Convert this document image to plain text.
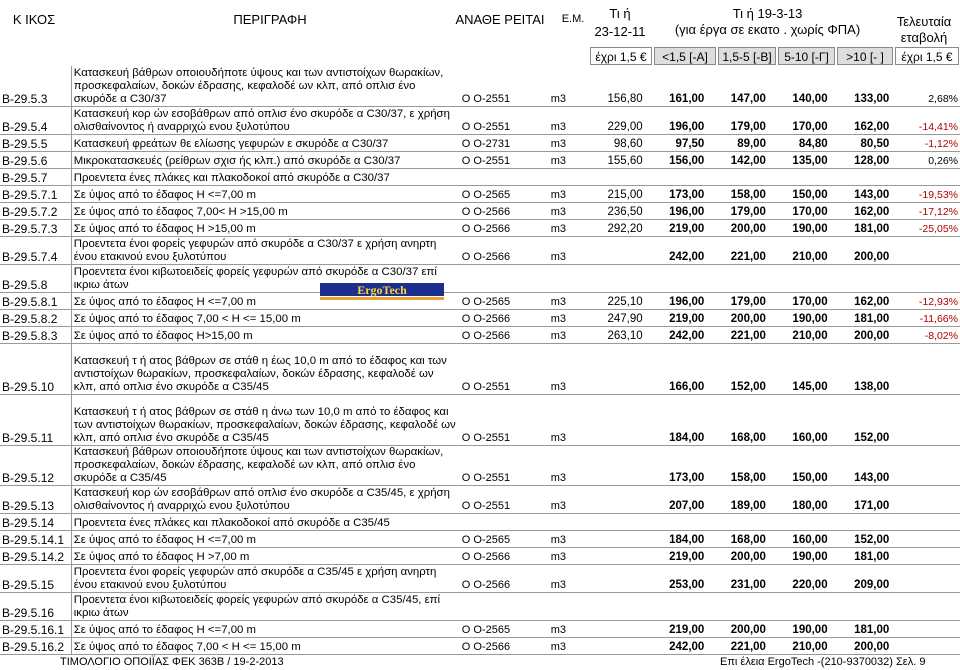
Κ ΙΚΟΣ	ΠΕΡΙΓΡΑΦΗ	ΑΝΑΘΕ ΡΕΙΤΑΙ	Ε.Μ.	Τι ή
23-12-11
Τι ή 19-3-13
(για έργα σε εκατο . χωρίς ΦΠΑ)
Τελευταία
εταβολή
έχρι 1,5 €	<1,5 [-Α]	1,5-5 [-Β]	5-10 [-Γ]	>10 [- ]	έχρι 1,5 €
Β-29.5.3	Κατασκευή βάθρων οποιουδήποτε ύψους και των αντιστοίχων θωρακίων, προσκεφαλαίων, δοκών έδρασης, κεφαλοδέ ων κλπ, από οπλισ ένο σκυρόδε α C30/37	Ο Ο-2551	m3	156,80	161,00	147,00	140,00	133,00	2,68%
Β-29.5.4	Κατασκευή κορ ών εσοβάθρων από οπλισ ένο σκυρόδε α C30/37, ε χρήση ολισθαίνοντος ή αναρριχώ ενου ξυλοτύπου	Ο Ο-2551	m3	229,00	196,00	179,00	170,00	162,00	-14,41%
Β-29.5.5	Κατασκευή φρεάτων θε ελίωσης γεφυρών ε σκυρόδε α C30/37	Ο Ο-2731	m3	98,60	97,50	89,00	84,80	80,50	-1,12%
Β-29.5.6	Μικροκατασκευές (ρείθρων σχισ ής κλπ.) από σκυρόδε α C30/37	Ο Ο-2551	m3	155,60	156,00	142,00	135,00	128,00	0,26%
Β-29.5.7	Προεντετα ένες πλάκες και πλακοδοκοί από σκυρόδε α C30/37								
Β-29.5.7.1	Σε ύψος από το έδαφος Η <=7,00 m	Ο Ο-2565	m3	215,00	173,00	158,00	150,00	143,00	-19,53%
Β-29.5.7.2	Σε ύψος από το έδαφος 7,00< Η >15,00 m	Ο Ο-2566	m3	236,50	196,00	179,00	170,00	162,00	-17,12%
Β-29.5.7.3	Σε ύψος από το έδαφος Η >15,00 m	Ο Ο-2566	m3	292,20	219,00	200,00	190,00	181,00	-25,05%
Β-29.5.7.4	Προεντετα ένοι φορείς γεφυρών από σκυρόδε α C30/37 ε χρήση ανηρτη ένου ετακινού ενου ξυλοτύπου	Ο Ο-2566	m3		242,00	221,00	210,00	200,00	
Β-29.5.8	Προεντετα ένοι κιβωτοειδείς φορείς γεφυρών από σκυρόδε α C30/37 επί ικριω άτων								
Β-29.5.8.1	Σε ύψος από το έδαφος Η <=7,00 m	Ο Ο-2565	m3	225,10	196,00	179,00	170,00	162,00	-12,93%
Β-29.5.8.2	Σε ύψος από το έδαφος 7,00 < Η <= 15,00 m	Ο Ο-2566	m3	247,90	219,00	200,00	190,00	181,00	-11,66%
Β-29.5.8.3	Σε ύψος από το έδαφος Η>15,00 m	Ο Ο-2566	m3	263,10	242,00	221,00	210,00	200,00	-8,02%
Β-29.5.10	Κατασκευή τ ή ατος βάθρων σε στάθ η έως 10,0 m από το έδαφος και των αντιστοίχων θωρακίων, προσκεφαλαίων, δοκών έδρασης, κεφαλοδέ ων κλπ, από οπλισ ένο σκυρόδε α C35/45	Ο Ο-2551	m3		166,00	152,00	145,00	138,00	
Β-29.5.11	Κατασκευή τ ή ατος βάθρων σε στάθ η άνω των 10,0 m από το έδαφος και των αντιστοίχων θωρακίων, προσκεφαλαίων, δοκών έδρασης, κεφαλοδέ ων κλπ, από οπλισ ένο σκυρόδε α C35/45	Ο Ο-2551	m3		184,00	168,00	160,00	152,00	
Β-29.5.12	Κατασκευή βάθρων οποιουδήποτε ύψους και των αντιστοίχων θωρακίων, προσκεφαλαίων, δοκών έδρασης, κεφαλοδέ ων κλπ, από οπλισ ένο σκυρόδε α C35/45	Ο Ο-2551	m3		173,00	158,00	150,00	143,00	
Β-29.5.13	Κατασκευή κορ ών εσοβάθρων από οπλισ ένο σκυρόδε α C35/45, ε χρήση ολισθαίνοντος ή αναρριχώ ενου ξυλοτύπου	Ο Ο-2551	m3		207,00	189,00	180,00	171,00	
Β-29.5.14	Προεντετα ένες πλάκες και πλακοδοκοί από σκυρόδε α C35/45								
Β-29.5.14.1	Σε ύψος από το έδαφος Η <=7,00 m	Ο Ο-2565	m3		184,00	168,00	160,00	152,00	
Β-29.5.14.2	Σε ύψος από το έδαφος Η >7,00 m	Ο Ο-2566	m3		219,00	200,00	190,00	181,00	
Β-29.5.15	Προεντετα ένοι φορείς γεφυρών από σκυρόδε α C35/45 ε χρήση ανηρτη ένου ετακινού ενου ξυλοτύπου	Ο Ο-2566	m3		253,00	231,00	220,00	209,00	
Β-29.5.16	Προεντετα ένοι κιβωτοειδείς φορείς γεφυρών από σκυρόδε α C35/45, επί ικριω άτων								
Β-29.5.16.1	Σε ύψος από το έδαφος Η <=7,00 m	Ο Ο-2565	m3		219,00	200,00	190,00	181,00	
Β-29.5.16.2	Σε ύψος από το έδαφος 7,00 < Η <= 15,00 m	Ο Ο-2566	m3		242,00	221,00	210,00	200,00	
ErgoTech
ΤΙΜΟΛΟΓΙΟ ΟΠΟΙΪΑΣ ΦΕΚ 363Β / 19-2-2013	Επι έλεια ErgoTech -(210-9370032) Σελ. 9
